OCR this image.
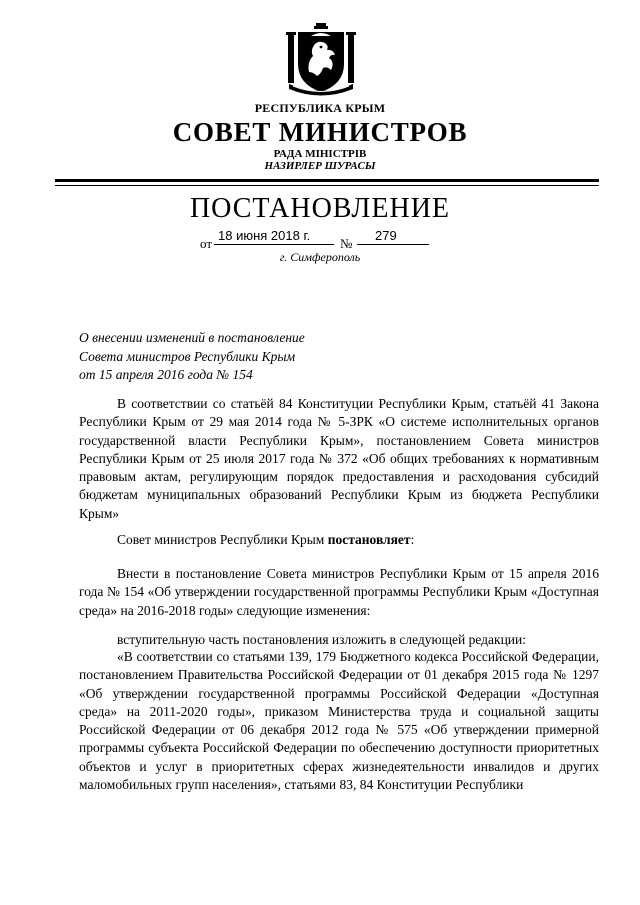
РЕСПУБЛИКА КРЫМ
СОВЕТ МИНИСТРОВ
РАДА МІНІСТРІВ
НАЗИРЛЕР ШУРАСЫ
ПОСТАНОВЛЕНИЕ
от
18 июня 2018 г.
№
279
г. Симферополь
О внесении изменений в постановление
Совета министров Республики Крым
от 15 апреля 2016 года № 154
В соответствии со статьёй 84 Конституции Республики Крым, статьёй 41 Закона Республики Крым от 29 мая 2014 года № 5-ЗРК «О системе исполнительных органов государственной власти Республики Крым», постановлением Совета министров Республики Крым от 25 июля 2017 года № 372 «Об общих требованиях к нормативным правовым актам, регулирующим порядок предоставления и расходования субсидий бюджетам муниципальных образований Республики Крым из бюджета Республики Крым»
Совет министров Республики Крым постановляет:
Внести в постановление Совета министров Республики Крым от 15 апреля 2016 года № 154 «Об утверждении государственной программы Республики Крым «Доступная среда» на 2016-2018 годы» следующие изменения:
вступительную часть постановления изложить в следующей редакции:
«В соответствии со статьями 139, 179 Бюджетного кодекса Российской Федерации, постановлением Правительства Российской Федерации от 01 декабря 2015 года № 1297 «Об утверждении государственной программы Российской Федерации «Доступная среда» на 2011-2020 годы», приказом Министерства труда и социальной защиты Российской Федерации от 06 декабря 2012 года № 575 «Об утверждении примерной программы субъекта Российской Федерации по обеспечению доступности приоритетных объектов и услуг в приоритетных сферах жизнедеятельности инвалидов и других маломобильных групп населения», статьями 83, 84 Конституции Республики
